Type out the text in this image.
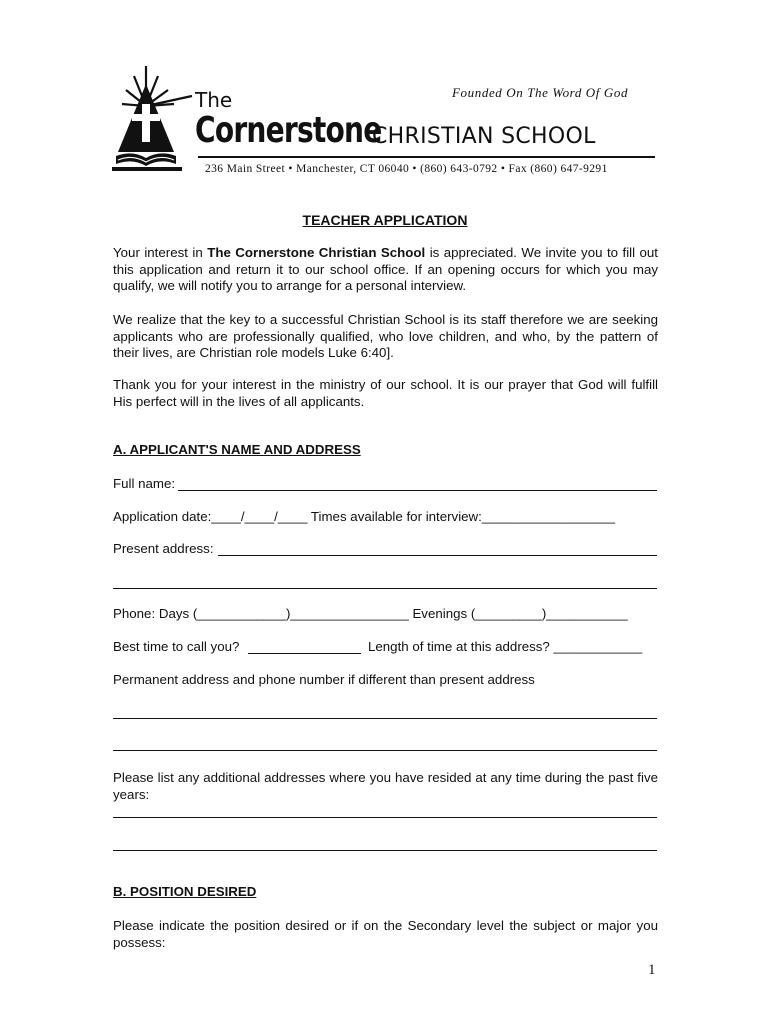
The	Founded On The Word Of God
Cornerstone
CHRISTIAN SCHOOL
236 Main Street • Manchester, CT 06040 • (860) 643-0792 • Fax (860) 647-9291
TEACHER APPLICATION
Your interest in The Cornerstone Christian School is appreciated. We invite you to fill out this application and return it to our school office. If an opening occurs for which you may qualify, we will notify you to arrange for a personal interview.
We realize that the key to a successful Christian School is its staff therefore we are seeking applicants who are professionally qualified, who love children, and who, by the pattern of their lives, are Christian role models Luke 6:40].
Thank you for your interest in the ministry of our school. It is our prayer that God will fulfill His perfect will in the lives of all applicants.
A. APPLICANT'S NAME AND ADDRESS
Full name:
Application date:____/____/____ Times available for interview:__________________
Present address:
Phone: Days (____________)________________ Evenings (_________)___________
Best time to call you?	Length of time at this address? ____________
Permanent address and phone number if different than present address
Please list any additional addresses where you have resided at any time during the past five years:
B. POSITION DESIRED
Please indicate the position desired or if on the Secondary level the subject or major you possess:
1
